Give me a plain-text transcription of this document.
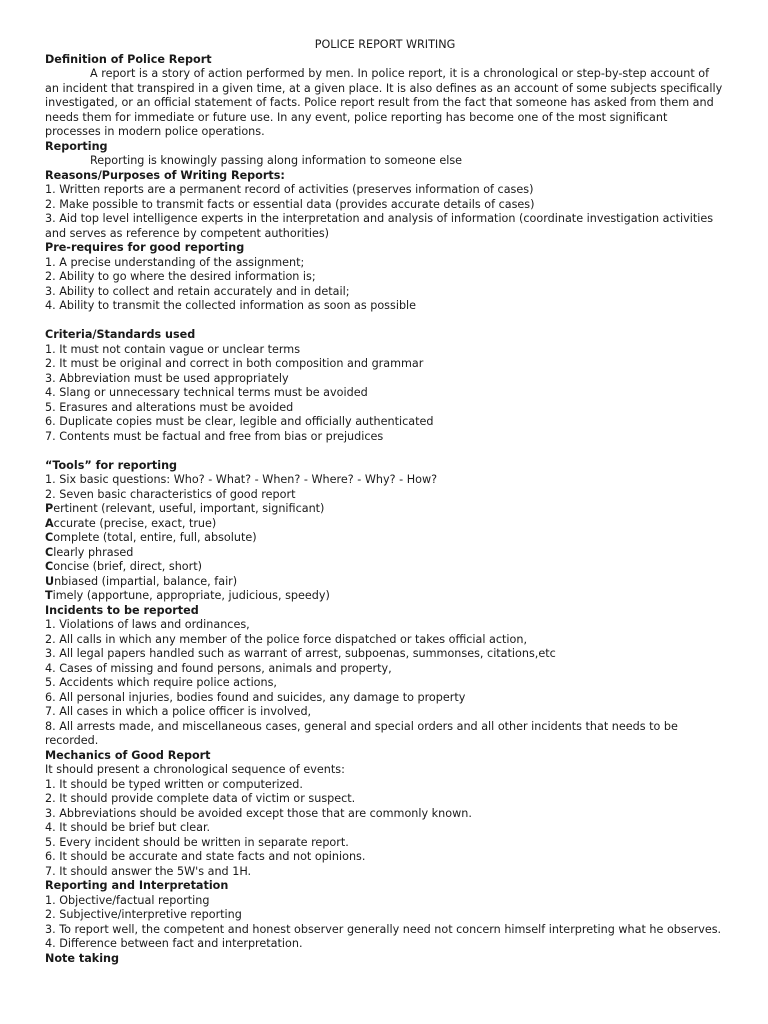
POLICE REPORT WRITING
Definition of Police Report
A report is a story of action performed by men. In police report, it is a chronological or step-by-step account of an incident that transpired in a given time, at a given place. It is also defines as an account of some subjects specifically investigated, or an official statement of facts. Police report result from the fact that someone has asked from them and needs them for immediate or future use. In any event, police reporting has become one of the most significant processes in modern police operations.
Reporting
Reporting is knowingly passing along information to someone else
Reasons/Purposes of Writing Reports:
1. Written reports are a permanent record of activities (preserves information of cases)
2. Make possible to transmit facts or essential data (provides accurate details of cases)
3. Aid top level intelligence experts in the interpretation and analysis of information (coordinate investigation activities and serves as reference by competent authorities)
Pre-requires for good reporting
1. A precise understanding of the assignment;
2. Ability to go where the desired information is;
3. Ability to collect and retain accurately and in detail;
4. Ability to transmit the collected information as soon as possible
Criteria/Standards used
1. It must not contain vague or unclear terms
2. It must be original and correct in both composition and grammar
3. Abbreviation must be used appropriately
4. Slang or unnecessary technical terms must be avoided
5. Erasures and alterations must be avoided
6. Duplicate copies must be clear, legible and officially authenticated
7. Contents must be factual and free from bias or prejudices
“Tools” for reporting
1. Six basic questions: Who? - What? - When? - Where? - Why? - How?
2. Seven basic characteristics of good report
Pertinent (relevant, useful, important, significant)
Accurate (precise, exact, true)
Complete (total, entire, full, absolute)
Clearly phrased
Concise (brief, direct, short)
Unbiased (impartial, balance, fair)
Timely (apportune, appropriate, judicious, speedy)
Incidents to be reported
1. Violations of laws and ordinances,
2. All calls in which any member of the police force dispatched or takes official action,
3. All legal papers handled such as warrant of arrest, subpoenas, summonses, citations,etc
4. Cases of missing and found persons, animals and property,
5. Accidents which require police actions,
6. All personal injuries, bodies found and suicides, any damage to property
7. All cases in which a police officer is involved,
8. All arrests made, and miscellaneous cases, general and special orders and all other incidents that needs to be recorded.
Mechanics of Good Report
It should present a chronological sequence of events:
1. It should be typed written or computerized.
2. It should provide complete data of victim or suspect.
3. Abbreviations should be avoided except those that are commonly known.
4. It should be brief but clear.
5. Every incident should be written in separate report.
6. It should be accurate and state facts and not opinions.
7. It should answer the 5W's and 1H.
Reporting and Interpretation
1. Objective/factual reporting
2. Subjective/interpretive reporting
3. To report well, the competent and honest observer generally need not concern himself interpreting what he observes.
4. Difference between fact and interpretation.
Note taking
